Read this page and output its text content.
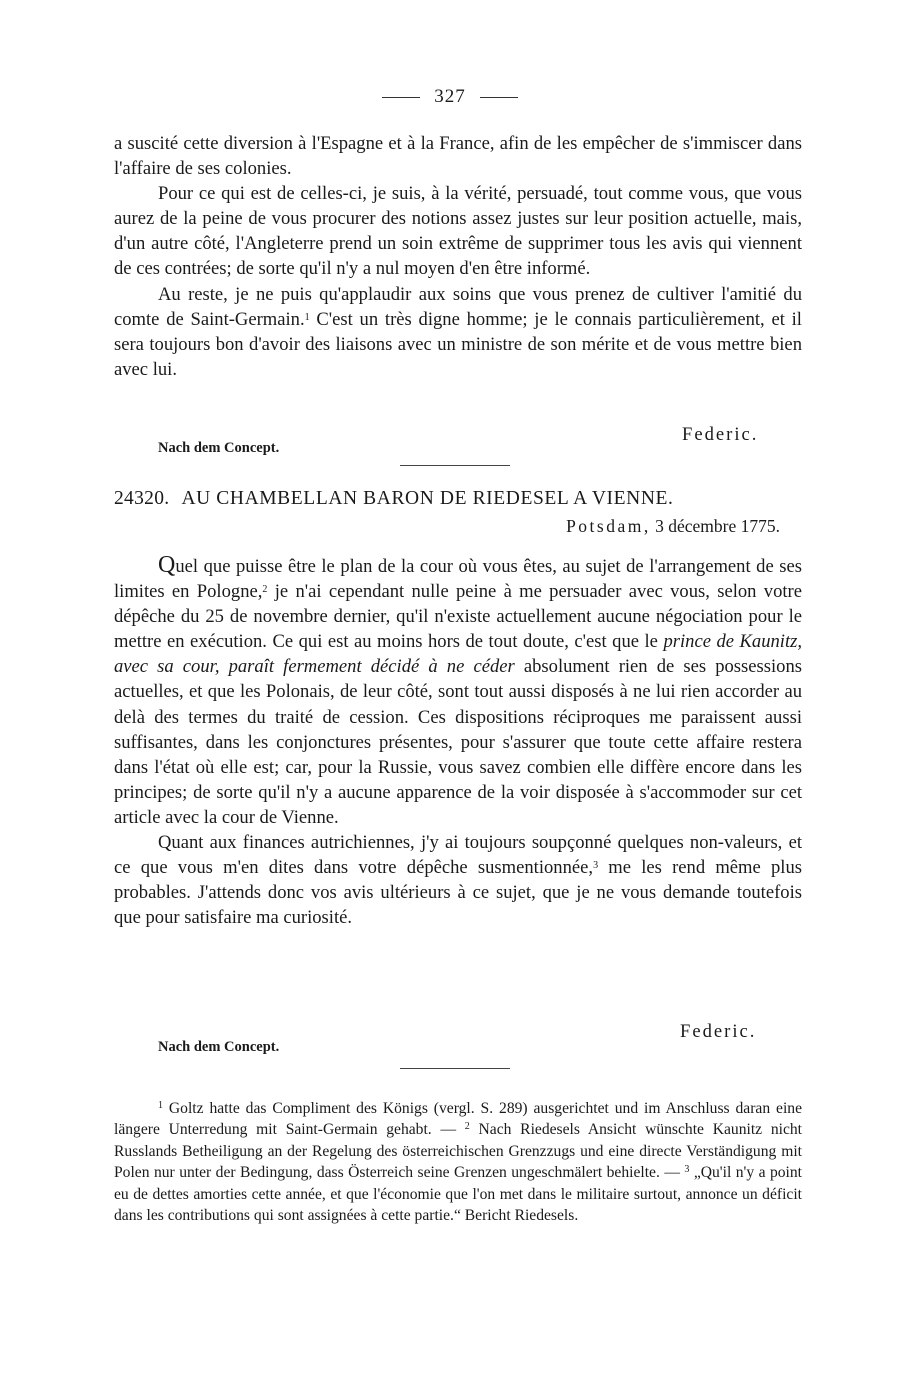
327

a suscité cette diversion à l'Espagne et à la France, afin de les empêcher de s'immiscer dans l'affaire de ses colonies.

Pour ce qui est de celles-ci, je suis, à la vérité, persuadé, tout comme vous, que vous aurez de la peine de vous procurer des notions assez justes sur leur position actuelle, mais, d'un autre côté, l'Angleterre prend un soin extrême de supprimer tous les avis qui viennent de ces contrées; de sorte qu'il n'y a nul moyen d'en être informé.

Au reste, je ne puis qu'applaudir aux soins que vous prenez de cultiver l'amitié du comte de Saint-Germain.$^1$ C'est un très digne homme; je le connais particulièrement, et il sera toujours bon d'avoir des liaisons avec un ministre de son mérite et de vous mettre bien avec lui.

Federic.
Nach dem Concept.
24320. AU CHAMBELLAN BARON DE RIEDESEL A VIENNE.
Potsdam, 3 décembre 1775.

Quel que puisse être le plan de la cour où vous êtes, au sujet de l'arrangement de ses limites en Pologne,$^2$ je n'ai cependant nulle peine à me persuader avec vous, selon votre dépêche du 25 de novembre dernier, qu'il n'existe actuellement aucune négociation pour le mettre en exécution. Ce qui est au moins hors de tout doute, c'est que le prince de Kaunitz, avec sa cour, paraît fermement décidé à ne céder absolument rien de ses possessions actuelles, et que les Polonais, de leur côté, sont tout aussi disposés à ne lui rien accorder au delà des termes du traité de cession. Ces dispositions réciproques me paraissent aussi suffisantes, dans les conjonctures présentes, pour s'assurer que toute cette affaire restera dans l'état où elle est; car, pour la Russie, vous savez combien elle diffère encore dans les principes; de sorte qu'il n'y a aucune apparence de la voir disposée à s'accommoder sur cet article avec la cour de Vienne.

Quant aux finances autrichiennes, j'y ai toujours soupçonné quelques non-valeurs, et ce que vous m'en dites dans votre dépêche susmentionnée,$^3$ me les rend même plus probables. J'attends donc vos avis ultérieurs à ce sujet, que je ne vous demande toutefois que pour satisfaire ma curiosité.

Federic.
Nach dem Concept.

$^1$ Goltz hatte das Compliment des Königs (vergl. S. 289) ausgerichtet und im Anschluss daran eine längere Unterredung mit Saint-Germain gehabt. — $^2$ Nach Riedesels Ansicht wünschte Kaunitz nicht Russlands Betheiligung an der Regelung des österreichischen Grenzzugs und eine directe Verständigung mit Polen nur unter der Bedingung, dass Österreich seine Grenzen ungeschmälert behielte. — $^3$ „Qu'il n'y a point eu de dettes amorties cette année, et que l'économie que l'on met dans le militaire surtout, annonce un déficit dans les contributions qui sont assignées à cette partie.“ Bericht Riedesels.
